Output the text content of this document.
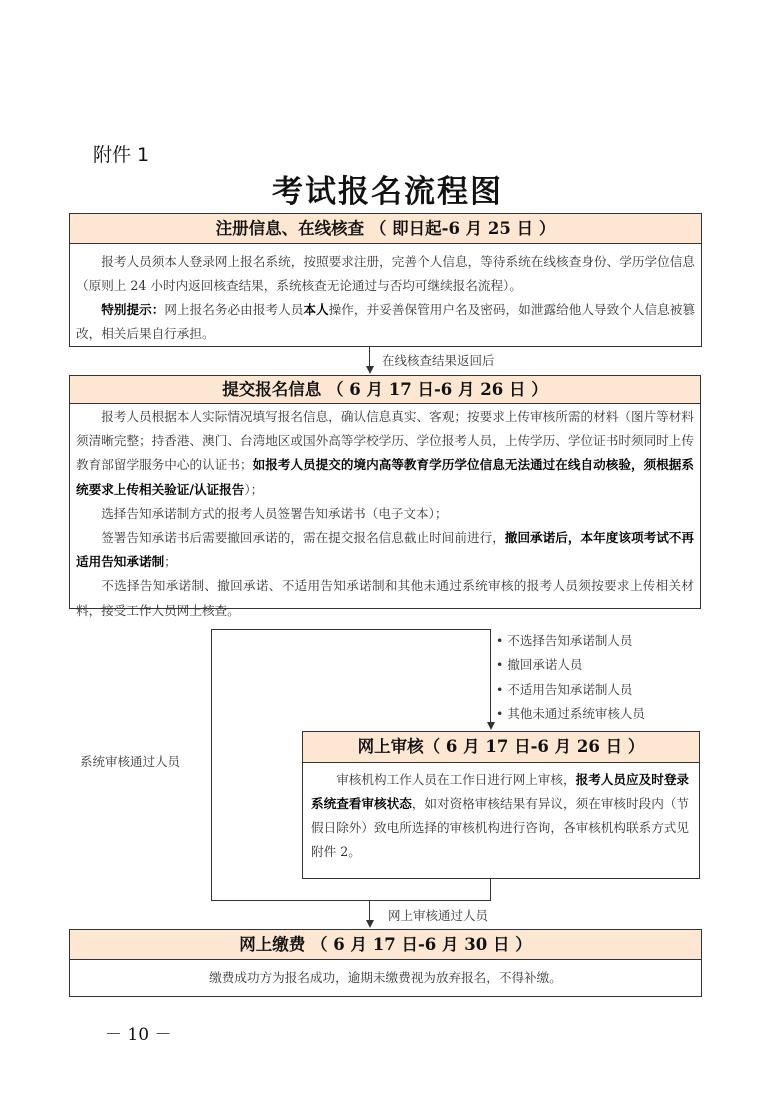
附件 1
考试报名流程图
注册信息、在线核查 （ 即日起-6 月 25 日 ）

报考人员须本人登录网上报名系统，按照要求注册，完善个人信息，等待系统在线核查身份、学历学位信息（原则上 24 小时内返回核查结果，系统核查无论通过与否均可继续报名流程）。

特别提示：网上报名务必由报考人员本人操作，并妥善保管用户名及密码，如泄露给他人导致个人信息被篡改，相关后果自行承担。

在线核查结果返回后
提交报名信息 （ 6 月 17 日-6 月 26 日 ）

报考人员根据本人实际情况填写报名信息，确认信息真实、客观；按要求上传审核所需的材料（图片等材料须清晰完整；持香港、澳门、台湾地区或国外高等学校学历、学位报考人员，上传学历、学位证书时须同时上传教育部留学服务中心的认证书；如报考人员提交的境内高等教育学历学位信息无法通过在线自动核验，须根据系统要求上传相关验证/认证报告）；

选择告知承诺制方式的报考人员签署告知承诺书（电子文本）；

签署告知承诺书后需要撤回承诺的，需在提交报名信息截止时间前进行，撤回承诺后，本年度该项考试不再适用告知承诺制；

不选择告知承诺制、撤回承诺、不适用告知承诺制和其他未通过系统审核的报考人员须按要求上传相关材料，接受工作人员网上核查。

系统审核通过人员
• 不选择告知承诺制人员
• 撤回承诺人员
• 不适用告知承诺制人员
• 其他未通过系统审核人员
网上审核（ 6 月 17 日-6 月 26 日 ）

审核机构工作人员在工作日进行网上审核，报考人员应及时登录系统查看审核状态，如对资格审核结果有异议，须在审核时段内（节假日除外）致电所选择的审核机构进行咨询，各审核机构联系方式见附件 2。

网上审核通过人员
网上缴费 （ 6 月 17 日-6 月 30 日 ）

缴费成功方为报名成功，逾期未缴费视为放弃报名，不得补缴。

－ 10 －
